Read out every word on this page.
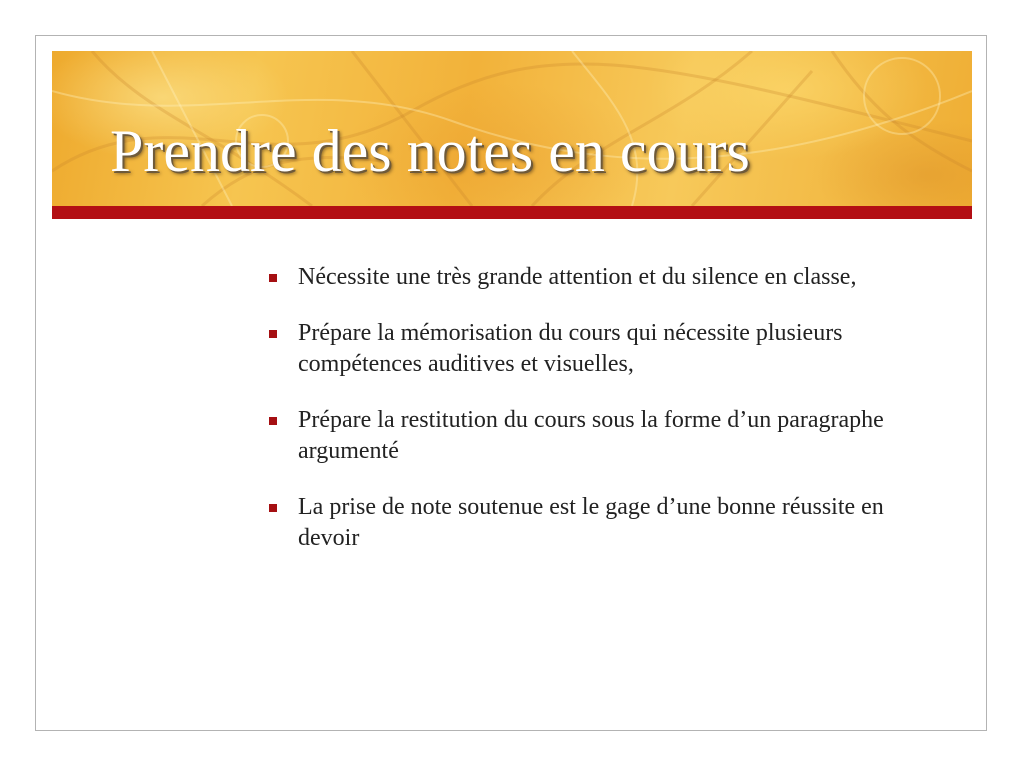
Prendre des notes en cours
Nécessite une très grande attention et du silence en classe,
Prépare la mémorisation du cours qui nécessite plusieurs compétences auditives et visuelles,
Prépare la restitution du cours sous la forme d’un paragraphe argumenté
La prise de note soutenue est le gage d’une bonne réussite en devoir
